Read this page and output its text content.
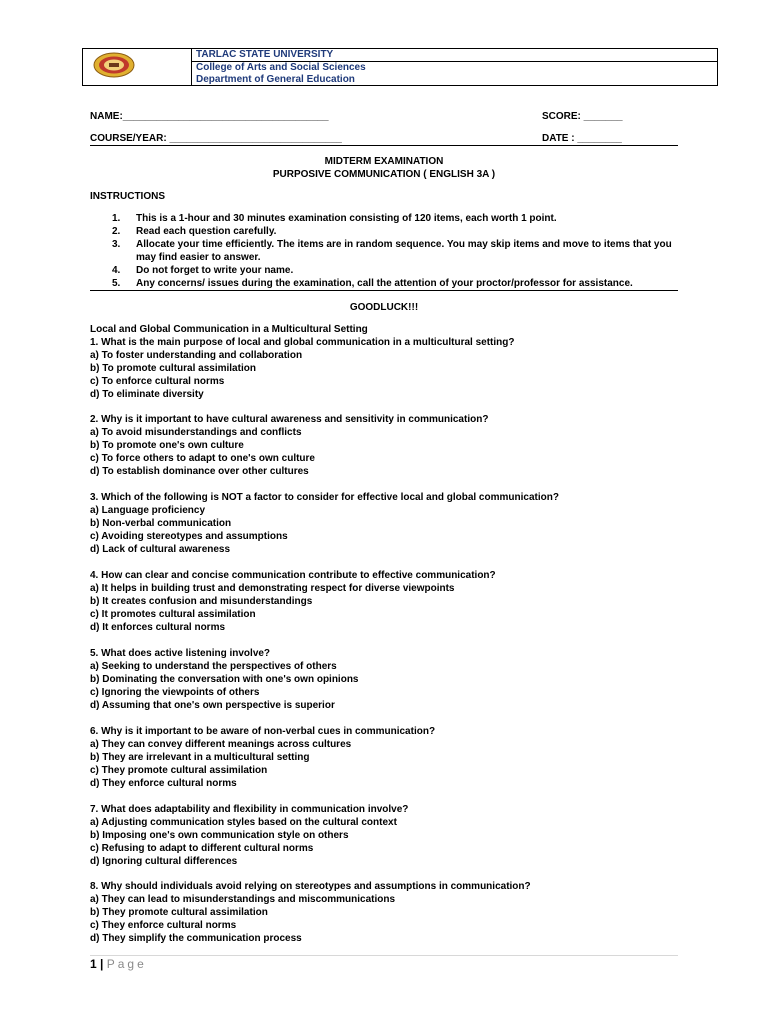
TARLAC STATE UNIVERSITY
College of Arts and Social Sciences
Department of General Education
NAME:_____________________________________	SCORE: _______
COURSE/YEAR: _______________________________	DATE : ________
MIDTERM EXAMINATION
PURPOSIVE COMMUNICATION ( ENGLISH 3A )
INSTRUCTIONS
1. This is a 1-hour and 30 minutes examination consisting of 120 items, each worth 1 point.
2. Read each question carefully.
3. Allocate your time efficiently. The items are in random sequence. You may skip items and move to items that you may find easier to answer.
4. Do not forget to write your name.
5. Any concerns/ issues during the examination, call the attention of your proctor/professor for assistance.
GOODLUCK!!!
Local and Global Communication in a Multicultural Setting
1. What is the main purpose of local and global communication in a multicultural setting?
a) To foster understanding and collaboration
b) To promote cultural assimilation
c) To enforce cultural norms
d) To eliminate diversity
2. Why is it important to have cultural awareness and sensitivity in communication?
a) To avoid misunderstandings and conflicts
b) To promote one's own culture
c) To force others to adapt to one's own culture
d) To establish dominance over other cultures
3. Which of the following is NOT a factor to consider for effective local and global communication?
a) Language proficiency
b) Non-verbal communication
c) Avoiding stereotypes and assumptions
d) Lack of cultural awareness
4. How can clear and concise communication contribute to effective communication?
a) It helps in building trust and demonstrating respect for diverse viewpoints
b) It creates confusion and misunderstandings
c) It promotes cultural assimilation
d) It enforces cultural norms
5. What does active listening involve?
a) Seeking to understand the perspectives of others
b) Dominating the conversation with one's own opinions
c) Ignoring the viewpoints of others
d) Assuming that one's own perspective is superior
6. Why is it important to be aware of non-verbal cues in communication?
a) They can convey different meanings across cultures
b) They are irrelevant in a multicultural setting
c) They promote cultural assimilation
d) They enforce cultural norms
7. What does adaptability and flexibility in communication involve?
a) Adjusting communication styles based on the cultural context
b) Imposing one's own communication style on others
c) Refusing to adapt to different cultural norms
d) Ignoring cultural differences
8. Why should individuals avoid relying on stereotypes and assumptions in communication?
a) They can lead to misunderstandings and miscommunications
b) They promote cultural assimilation
c) They enforce cultural norms
d) They simplify the communication process
1 | Page
